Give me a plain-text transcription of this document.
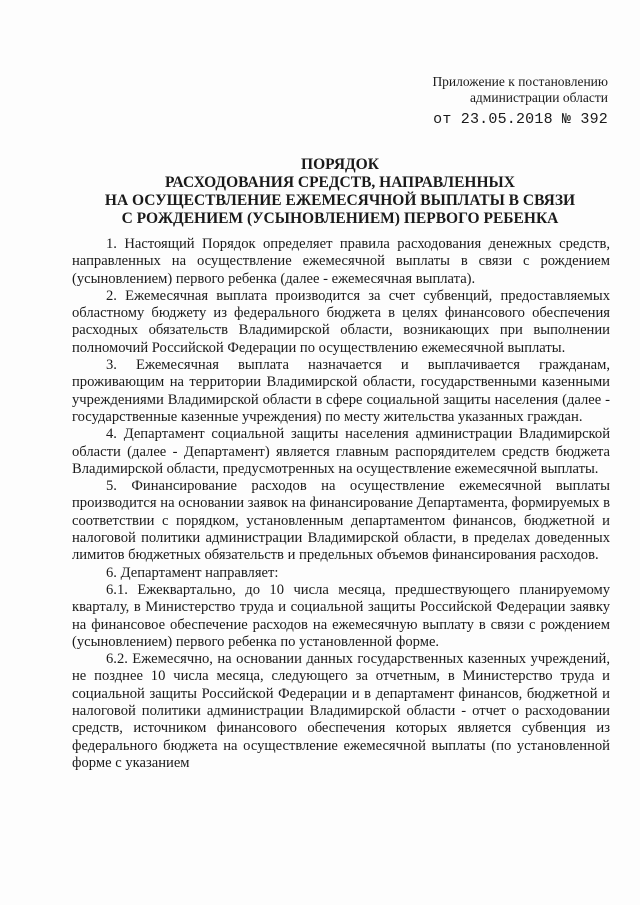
Приложение к постановлению
администрации области
от 23.05.2018 № 392
ПОРЯДОК
РАСХОДОВАНИЯ СРЕДСТВ, НАПРАВЛЕННЫХ
НА ОСУЩЕСТВЛЕНИЕ ЕЖЕМЕСЯЧНОЙ ВЫПЛАТЫ В СВЯЗИ
С РОЖДЕНИЕМ (УСЫНОВЛЕНИЕМ) ПЕРВОГО РЕБЕНКА

1. Настоящий Порядок определяет правила расходования денежных средств, направленных на осуществление ежемесячной выплаты в связи с рождением (усыновлением) первого ребенка (далее - ежемесячная выплата).

2. Ежемесячная выплата производится за счет субвенций, предоставляемых областному бюджету из федерального бюджета в целях финансового обеспечения расходных обязательств Владимирской области, возникающих при выполнении полномочий Российской Федерации по осуществлению ежемесячной выплаты.

3. Ежемесячная выплата назначается и выплачивается гражданам, проживающим на территории Владимирской области, государственными казенными учреждениями Владимирской области в сфере социальной защиты населения (далее - государственные казенные учреждения) по месту жительства указанных граждан.

4. Департамент социальной защиты населения администрации Владимирской области (далее - Департамент) является главным распорядителем средств бюджета Владимирской области, предусмотренных на осуществление ежемесячной выплаты.

5. Финансирование расходов на осуществление ежемесячной выплаты производится на основании заявок на финансирование Департамента, формируемых в соответствии с порядком, установленным департаментом финансов, бюджетной и налоговой политики администрации Владимирской области, в пределах доведенных лимитов бюджетных обязательств и предельных объемов финансирования расходов.

6. Департамент направляет:

6.1. Ежеквартально, до 10 числа месяца, предшествующего планируемому кварталу, в Министерство труда и социальной защиты Российской Федерации заявку на финансовое обеспечение расходов на ежемесячную выплату в связи с рождением (усыновлением) первого ребенка по установленной форме.

6.2. Ежемесячно, на основании данных государственных казенных учреждений, не позднее 10 числа месяца, следующего за отчетным, в Министерство труда и социальной защиты Российской Федерации и в департамент финансов, бюджетной и налоговой политики администрации Владимирской области - отчет о расходовании средств, источником финансового обеспечения которых является субвенция из федерального бюджета на осуществление ежемесячной выплаты (по установленной форме с указанием
